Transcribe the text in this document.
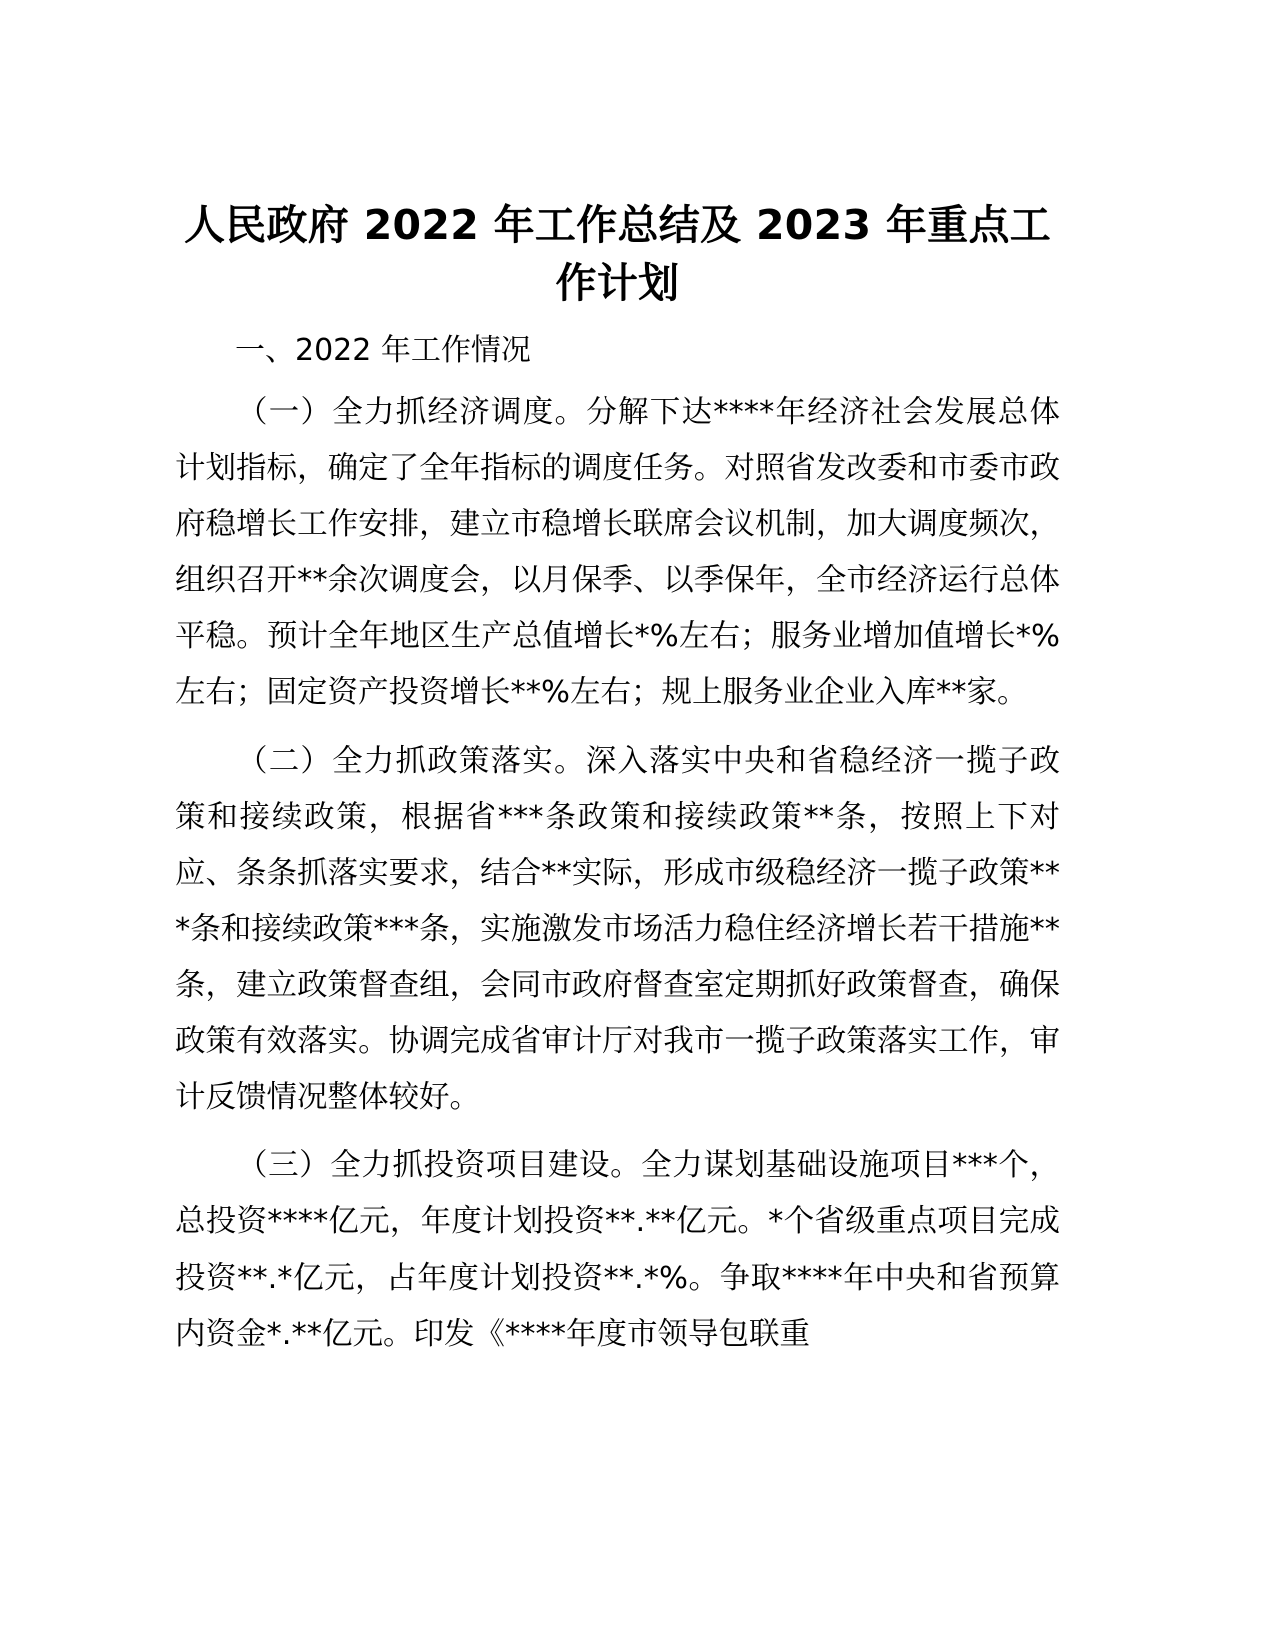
人民政府 2022 年工作总结及 2023 年重点工作计划
一、2022 年工作情况

（一）全力抓经济调度。分解下达****年经济社会发展总体计划指标，确定了全年指标的调度任务。对照省发改委和市委市政府稳增长工作安排，建立市稳增长联席会议机制，加大调度频次，组织召开**余次调度会，以月保季、以季保年，全市经济运行总体平稳。预计全年地区生产总值增长*%左右；服务业增加值增长*%左右；固定资产投资增长**%左右；规上服务业企业入库**家。

（二）全力抓政策落实。深入落实中央和省稳经济一揽子政策和接续政策，根据省***条政策和接续政策**条，按照上下对应、条条抓落实要求，结合**实际，形成市级稳经济一揽子政策***条和接续政策***条，实施激发市场活力稳住经济增长若干措施**条，建立政策督查组，会同市政府督查室定期抓好政策督查，确保政策有效落实。协调完成省审计厅对我市一揽子政策落实工作，审计反馈情况整体较好。

（三）全力抓投资项目建设。全力谋划基础设施项目***个，总投资****亿元，年度计划投资**.**亿元。*个省级重点项目完成投资**.*亿元，占年度计划投资**.*%。争取****年中央和省预算内资金*.**亿元。印发《****年度市领导包联重
